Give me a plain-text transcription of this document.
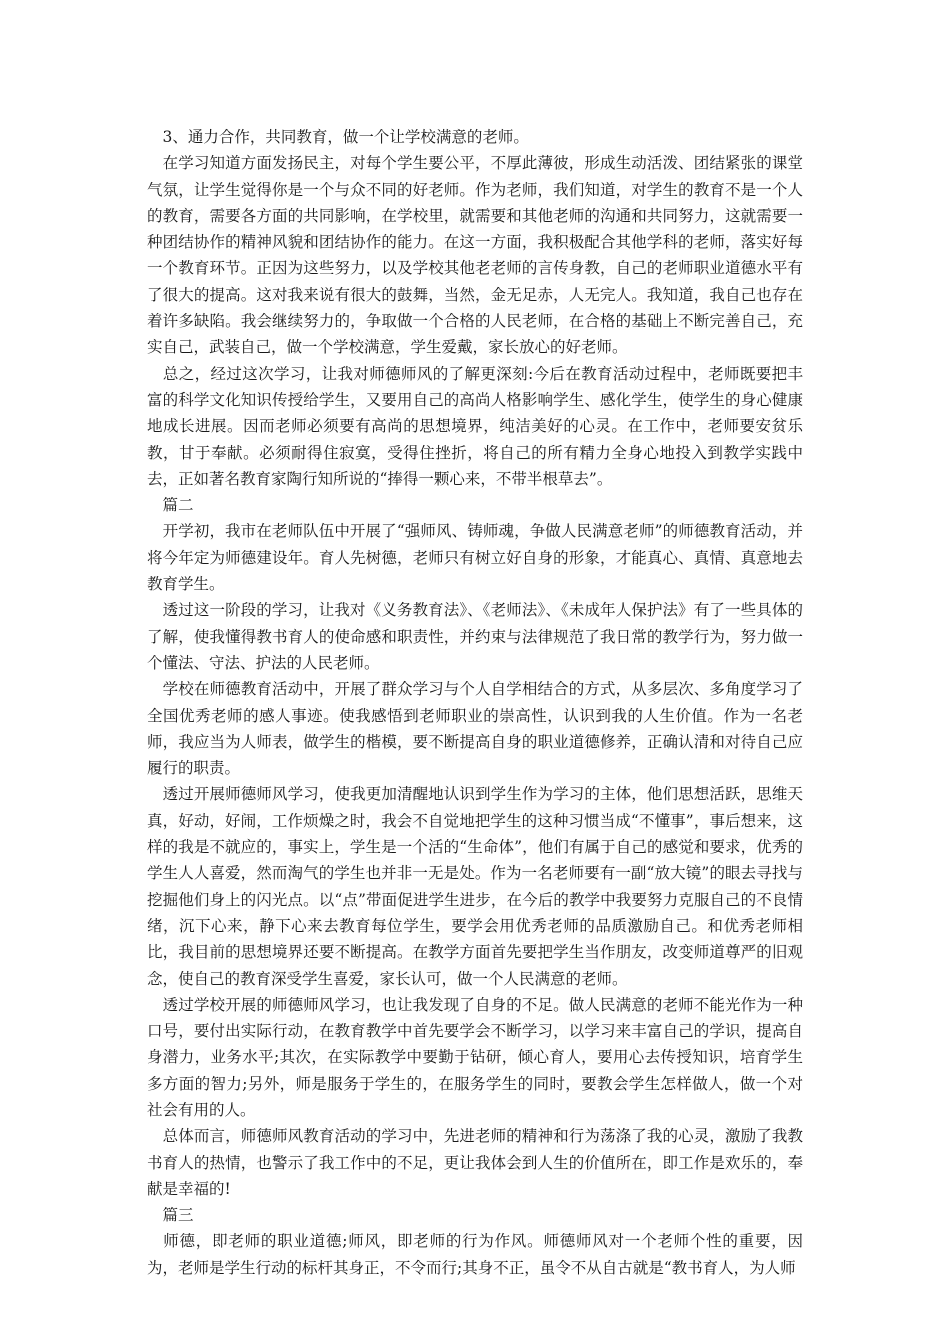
　3、通力合作，共同教育，做一个让学校满意的老师。

　在学习知道方面发扬民主，对每个学生要公平，不厚此薄彼，形成生动活泼、团结紧张的课堂气氛，让学生觉得你是一个与众不同的好老师。作为老师，我们知道，对学生的教育不是一个人的教育，需要各方面的共同影响，在学校里，就需要和其他老师的沟通和共同努力，这就需要一种团结协作的精神风貌和团结协作的能力。在这一方面，我积极配合其他学科的老师，落实好每一个教育环节。正因为这些努力，以及学校其他老老师的言传身教，自己的老师职业道德水平有了很大的提高。这对我来说有很大的鼓舞，当然，金无足赤，人无完人。我知道，我自己也存在着许多缺陷。我会继续努力的，争取做一个合格的人民老师，在合格的基础上不断完善自己，充实自己，武装自己，做一个学校满意，学生爱戴，家长放心的好老师。

　总之，经过这次学习，让我对师德师风的了解更深刻:今后在教育活动过程中，老师既要把丰富的科学文化知识传授给学生，又要用自己的高尚人格影响学生、感化学生，使学生的身心健康地成长进展。因而老师必须要有高尚的思想境界，纯洁美好的心灵。在工作中，老师要安贫乐教，甘于奉献。必须耐得住寂寞，受得住挫折，将自己的所有精力全身心地投入到教学实践中去，正如著名教育家陶行知所说的“捧得一颗心来，不带半根草去”。

　篇二

　开学初，我市在老师队伍中开展了“强师风、铸师魂，争做人民满意老师”的师德教育活动，并将今年定为师德建设年。育人先树德，老师只有树立好自身的形象，才能真心、真情、真意地去教育学生。

　透过这一阶段的学习，让我对《义务教育法》、《老师法》、《未成年人保护法》有了一些具体的了解，使我懂得教书育人的使命感和职责性，并约束与法律规范了我日常的教学行为，努力做一个懂法、守法、护法的人民老师。

　学校在师德教育活动中，开展了群众学习与个人自学相结合的方式，从多层次、多角度学习了全国优秀老师的感人事迹。使我感悟到老师职业的崇高性，认识到我的人生价值。作为一名老师，我应当为人师表，做学生的楷模，要不断提高自身的职业道德修养，正确认清和对待自己应履行的职责。

　透过开展师德师风学习，使我更加清醒地认识到学生作为学习的主体，他们思想活跃，思维天真，好动，好闹，工作烦燥之时，我会不自觉地把学生的这种习惯当成“不懂事”，事后想来，这样的我是不就应的，事实上，学生是一个活的“生命体”，他们有属于自己的感觉和要求，优秀的学生人人喜爱，然而淘气的学生也并非一无是处。作为一名老师要有一副“放大镜”的眼去寻找与挖掘他们身上的闪光点。以“点”带面促进学生进步，在今后的教学中我要努力克服自己的不良情绪，沉下心来，静下心来去教育每位学生，要学会用优秀老师的品质激励自己。和优秀老师相比，我目前的思想境界还要不断提高。在教学方面首先要把学生当作朋友，改变师道尊严的旧观念，使自己的教育深受学生喜爱，家长认可，做一个人民满意的老师。

　透过学校开展的师德师风学习，也让我发现了自身的不足。做人民满意的老师不能光作为一种口号，要付出实际行动，在教育教学中首先要学会不断学习，以学习来丰富自己的学识，提高自身潜力，业务水平;其次，在实际教学中要勤于钻研，倾心育人，要用心去传授知识，培育学生多方面的智力;另外，师是服务于学生的，在服务学生的同时，要教会学生怎样做人，做一个对社会有用的人。

　总体而言，师德师风教育活动的学习中，先进老师的精神和行为荡涤了我的心灵，激励了我教书育人的热情，也警示了我工作中的不足，更让我体会到人生的价值所在，即工作是欢乐的，奉献是幸福的!

　篇三

　师德，即老师的职业道德;师风，即老师的行为作风。师德师风对一个老师个性的重要，因为，老师是学生行动的标杆其身正，不令而行;其身不正，虽令不从自古就是“教书育人，为人师
